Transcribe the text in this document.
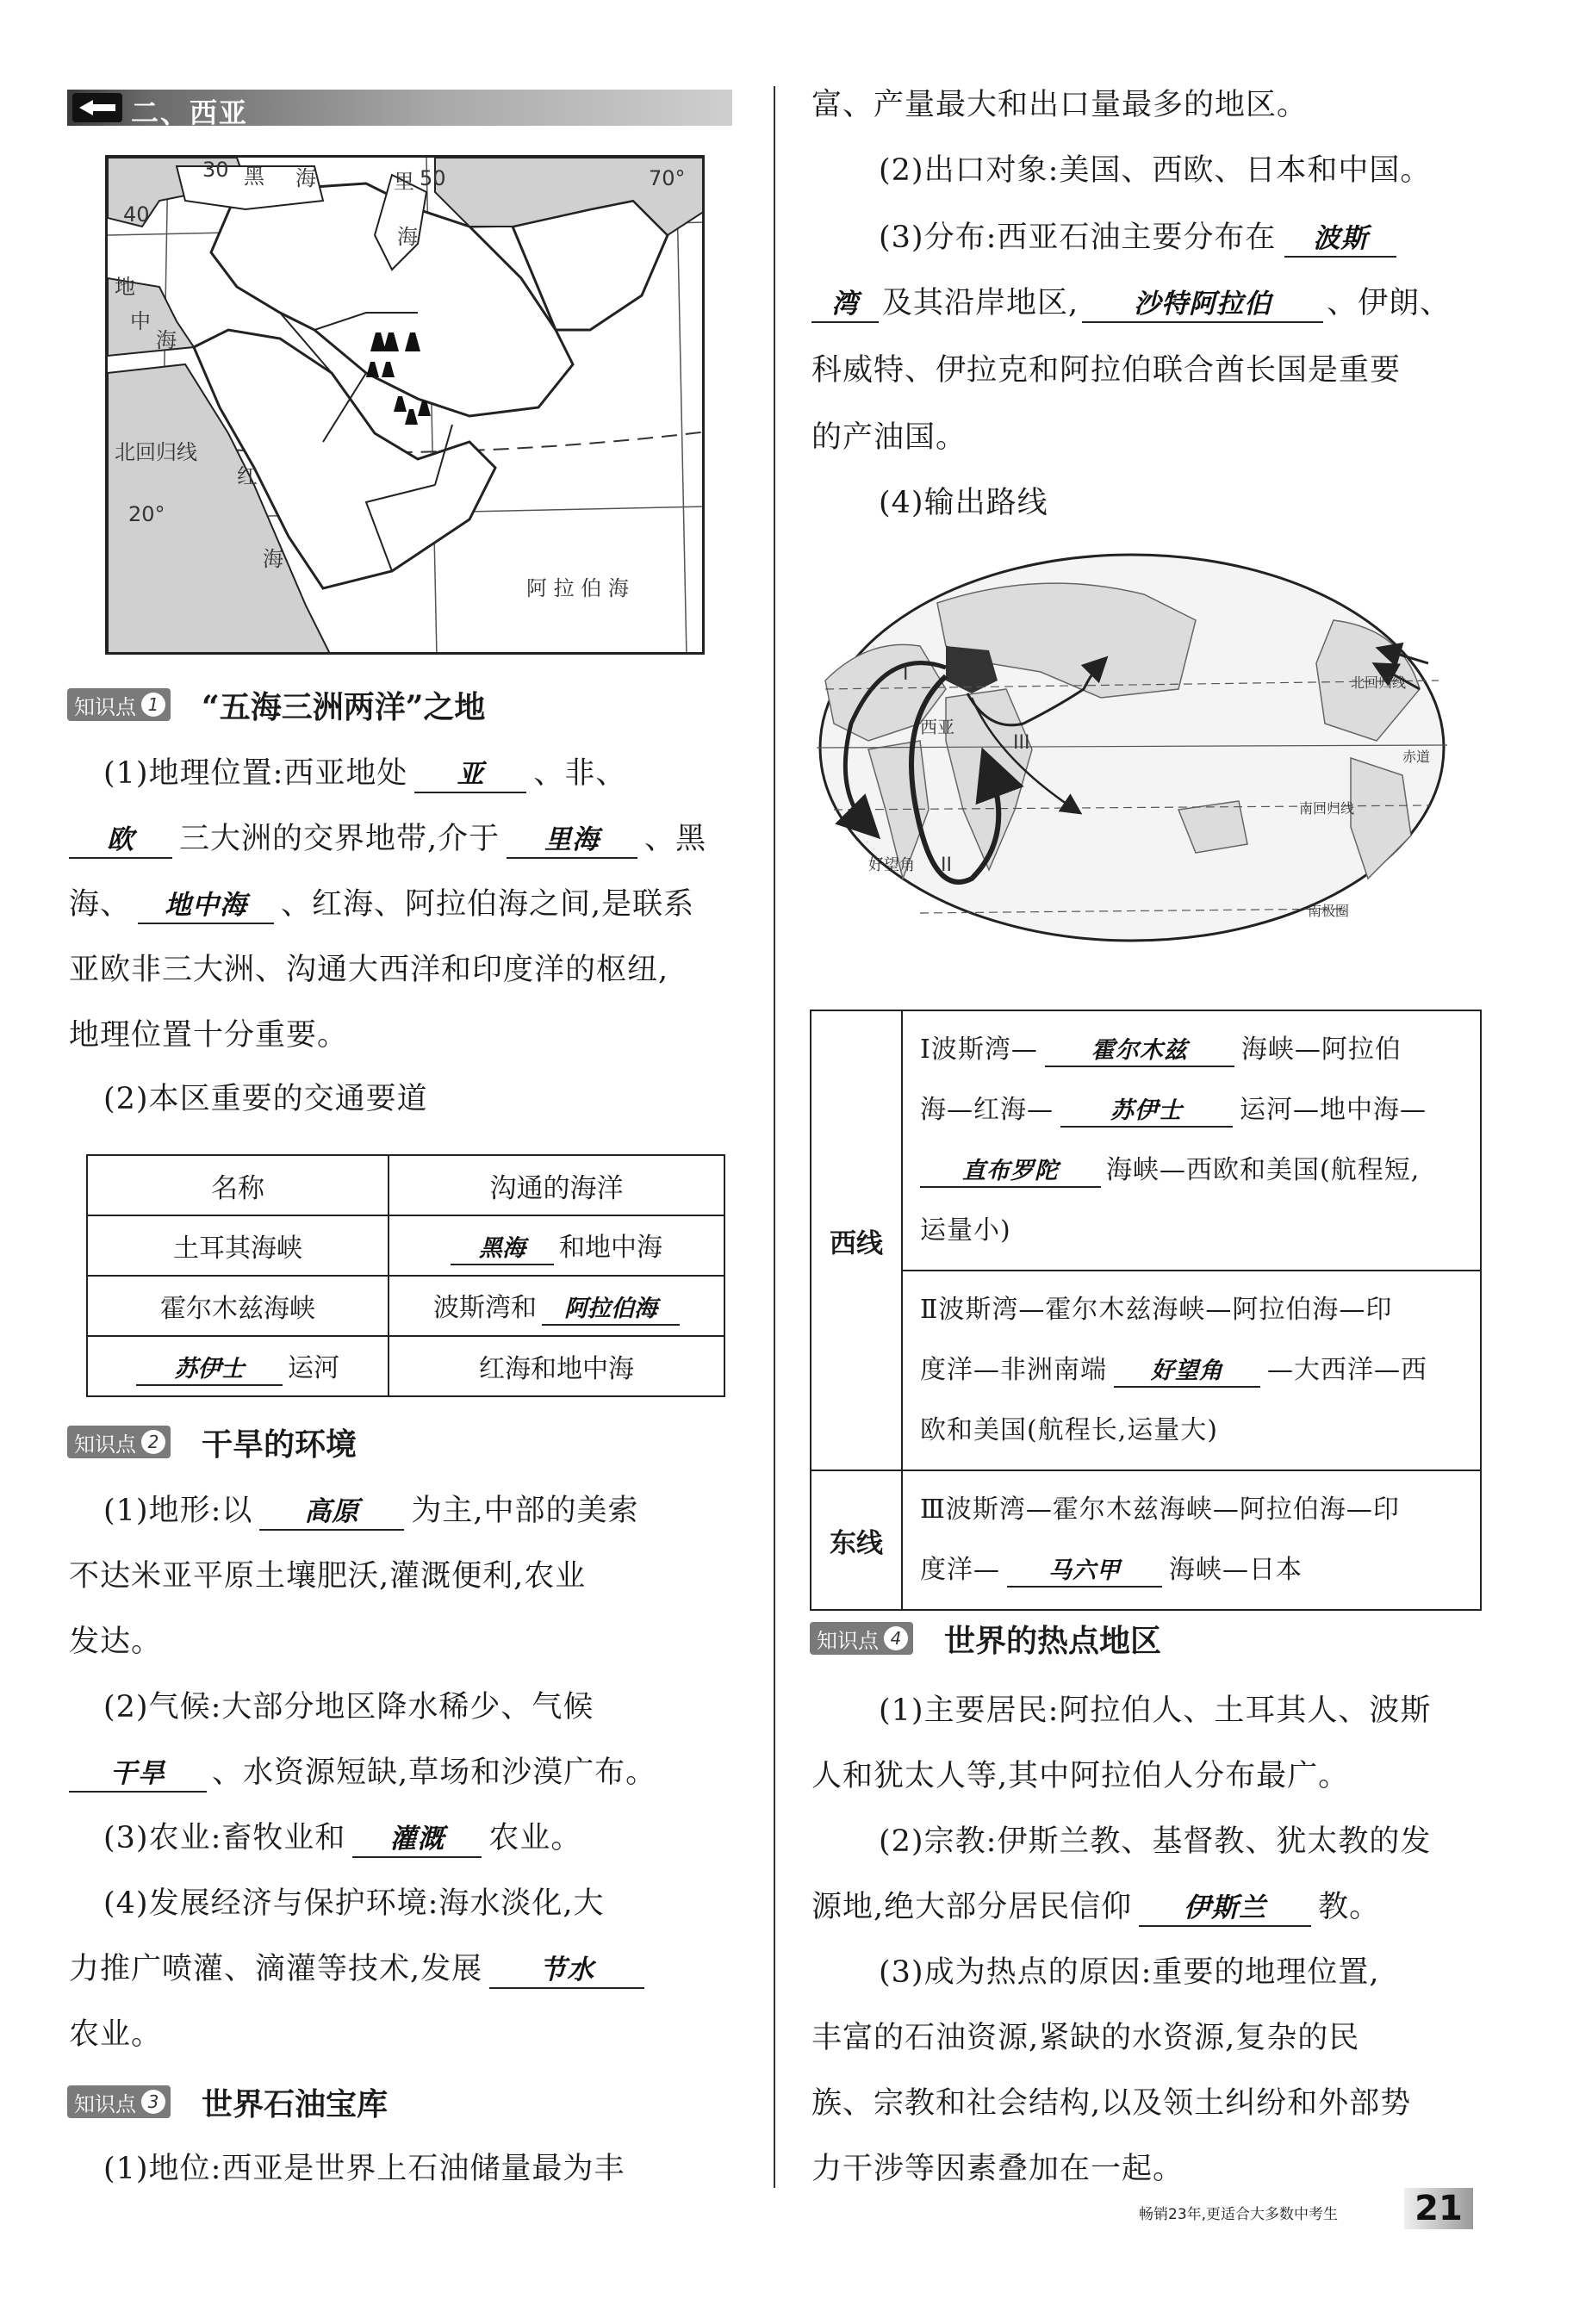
二、西亚
30 黑 海	里 50
海
70°
40
地
中
海
北回归线
红
20°
海
阿 拉 伯 海
知识点 1 “五海三洲两洋”之地
(1)地理位置:西亚地处 亚 、非、
欧 三大洲的交界地带,介于 里海 、黑
海、 地中海 、红海、阿拉伯海之间,是联系
亚欧非三大洲、沟通大西洋和印度洋的枢纽,
地理位置十分重要。
(2)本区重要的交通要道
名称	沟通的海洋
土耳其海峡	黑海 和地中海
霍尔木兹海峡	波斯湾和 阿拉伯海
苏伊士 运河	红海和地中海
知识点 2 干旱的环境
(1)地形:以 高原 为主,中部的美索
不达米亚平原土壤肥沃,灌溉便利,农业
发达。
(2)气候:大部分地区降水稀少、气候
干旱 、水资源短缺,草场和沙漠广布。
(3)农业:畜牧业和 灌溉 农业。
(4)发展经济与保护环境:海水淡化,大
力推广喷灌、滴灌等技术,发展 节水
农业。
知识点 3 世界石油宝库
(1)地位:西亚是世界上石油储量最为丰
富、产量最大和出口量最多的地区。
(2)出口对象:美国、西欧、日本和中国。
(3)分布:西亚石油主要分布在 波斯
湾 及其沿岸地区, 沙特阿拉伯 、伊朗、
科威特、伊拉克和阿拉伯联合酋长国是重要
的产油国。
(4)输出路线
I
西亚
III
好望角 II
北回归线
赤道
南回归线
南极圈
西线	Ⅰ波斯湾— 霍尔木兹 海峡—阿拉伯
海—红海— 苏伊士 运河—地中海—
直布罗陀 海峡—西欧和美国(航程短,
运量小)

	Ⅱ波斯湾—霍尔木兹海峡—阿拉伯海—印
度洋—非洲南端 好望角 —大西洋—西
欧和美国(航程长,运量大)

东线	Ⅲ波斯湾—霍尔木兹海峡—阿拉伯海—印
度洋— 马六甲 海峡—日本
知识点 4 世界的热点地区
(1)主要居民:阿拉伯人、土耳其人、波斯
人和犹太人等,其中阿拉伯人分布最广。
(2)宗教:伊斯兰教、基督教、犹太教的发
源地,绝大部分居民信仰 伊斯兰 教。
(3)成为热点的原因:重要的地理位置,
丰富的石油资源,紧缺的水资源,复杂的民
族、宗教和社会结构,以及领土纠纷和外部势
力干涉等因素叠加在一起。
畅销23年,更适合大多数中考生	21
